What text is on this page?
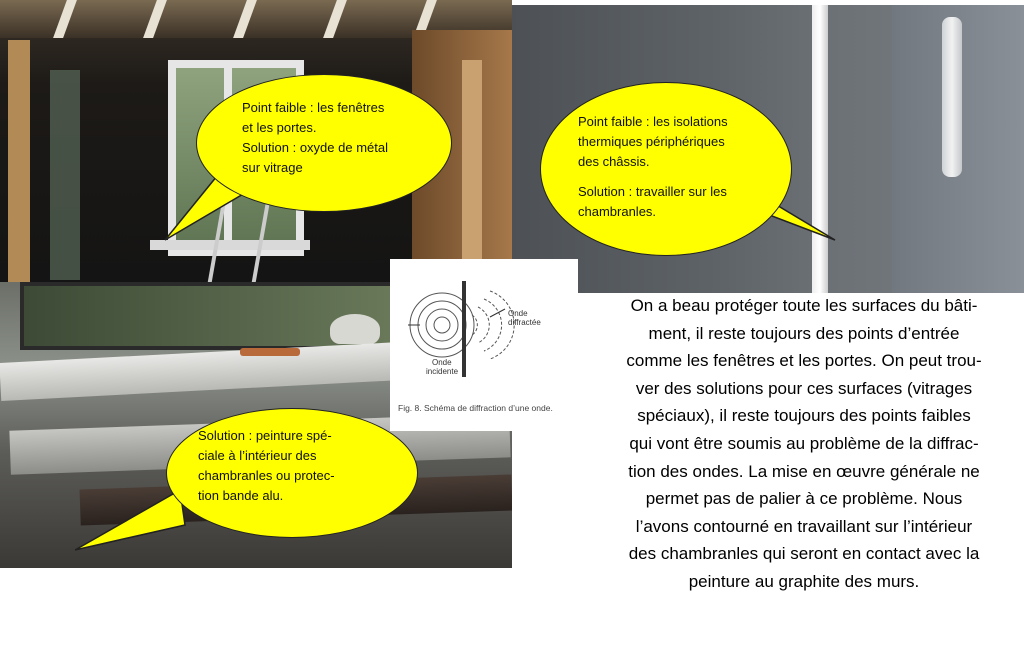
Onde
diffractée
Onde
incidente
Fig. 8. Schéma de diffraction d’une onde.

Point faible : les fenêtres

et les portes.

Solution : oxyde de métal

sur vitrage

Point faible : les isolations

thermiques périphériques

des châssis.

Solution : travailler sur les

chambranles.

Solution : peinture spé-

ciale à l’intérieur des

chambranles ou protec-

tion bande alu.

On a beau protéger toute les surfaces du bâti-
ment, il reste toujours des points d’entrée
comme les fenêtres et les portes. On peut trou-
ver des solutions pour ces surfaces (vitrages
spéciaux), il reste toujours des points faibles
qui vont être soumis au problème de la diffrac-
tion des ondes. La mise en œuvre générale ne
permet pas de palier à ce problème. Nous
l’avons contourné en travaillant sur l’intérieur
des chambranles qui seront en contact avec la
peinture au graphite des murs.
